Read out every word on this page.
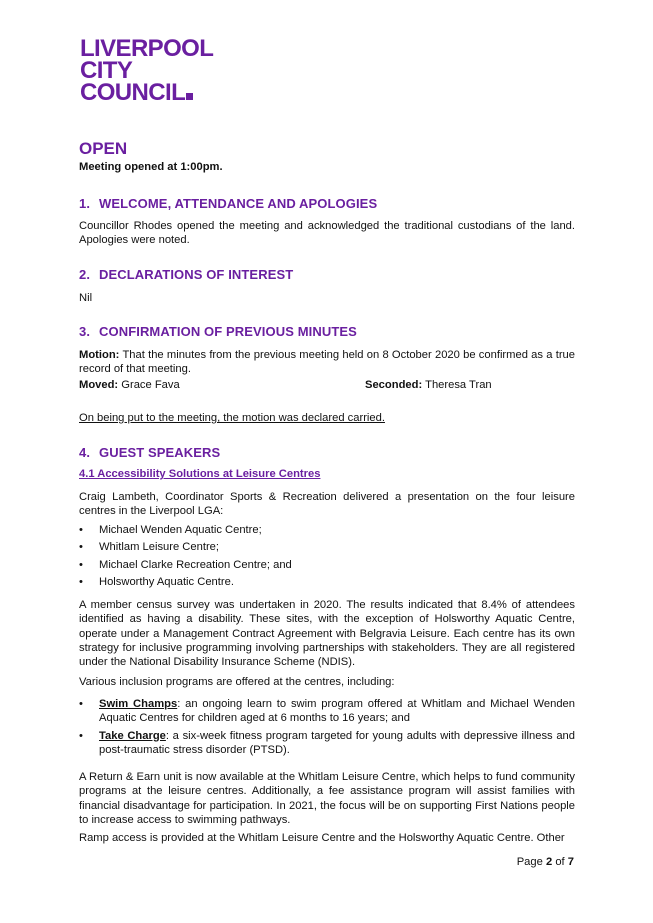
LIVERPOOL
CITY
COUNCIL
OPEN
Meeting opened at 1:00pm.
1. WELCOME, ATTENDANCE AND APOLOGIES
Councillor Rhodes opened the meeting and acknowledged the traditional custodians of the land. Apologies were noted.
2. DECLARATIONS OF INTEREST
Nil
3. CONFIRMATION OF PREVIOUS MINUTES
Motion: That the minutes from the previous meeting held on 8 October 2020 be confirmed as a true record of that meeting.
Moved: Grace Fava	Seconded: Theresa Tran
On being put to the meeting, the motion was declared carried.
4. GUEST SPEAKERS
4.1 Accessibility Solutions at Leisure Centres
Craig Lambeth, Coordinator Sports & Recreation delivered a presentation on the four leisure centres in the Liverpool LGA:
• Michael Wenden Aquatic Centre;
• Whitlam Leisure Centre;
• Michael Clarke Recreation Centre; and
• Holsworthy Aquatic Centre.
A member census survey was undertaken in 2020. The results indicated that 8.4% of attendees identified as having a disability. These sites, with the exception of Holsworthy Aquatic Centre, operate under a Management Contract Agreement with Belgravia Leisure. Each centre has its own strategy for inclusive programming involving partnerships with stakeholders. They are all registered under the National Disability Insurance Scheme (NDIS).
Various inclusion programs are offered at the centres, including:
• Swim Champs: an ongoing learn to swim program offered at Whitlam and Michael Wenden Aquatic Centres for children aged at 6 months to 16 years; and
• Take Charge: a six-week fitness program targeted for young adults with depressive illness and post-traumatic stress disorder (PTSD).
A Return & Earn unit is now available at the Whitlam Leisure Centre, which helps to fund community programs at the leisure centres. Additionally, a fee assistance program will assist families with financial disadvantage for participation. In 2021, the focus will be on supporting First Nations people to increase access to swimming pathways.
Ramp access is provided at the Whitlam Leisure Centre and the Holsworthy Aquatic Centre. Other
Page 2 of 7
